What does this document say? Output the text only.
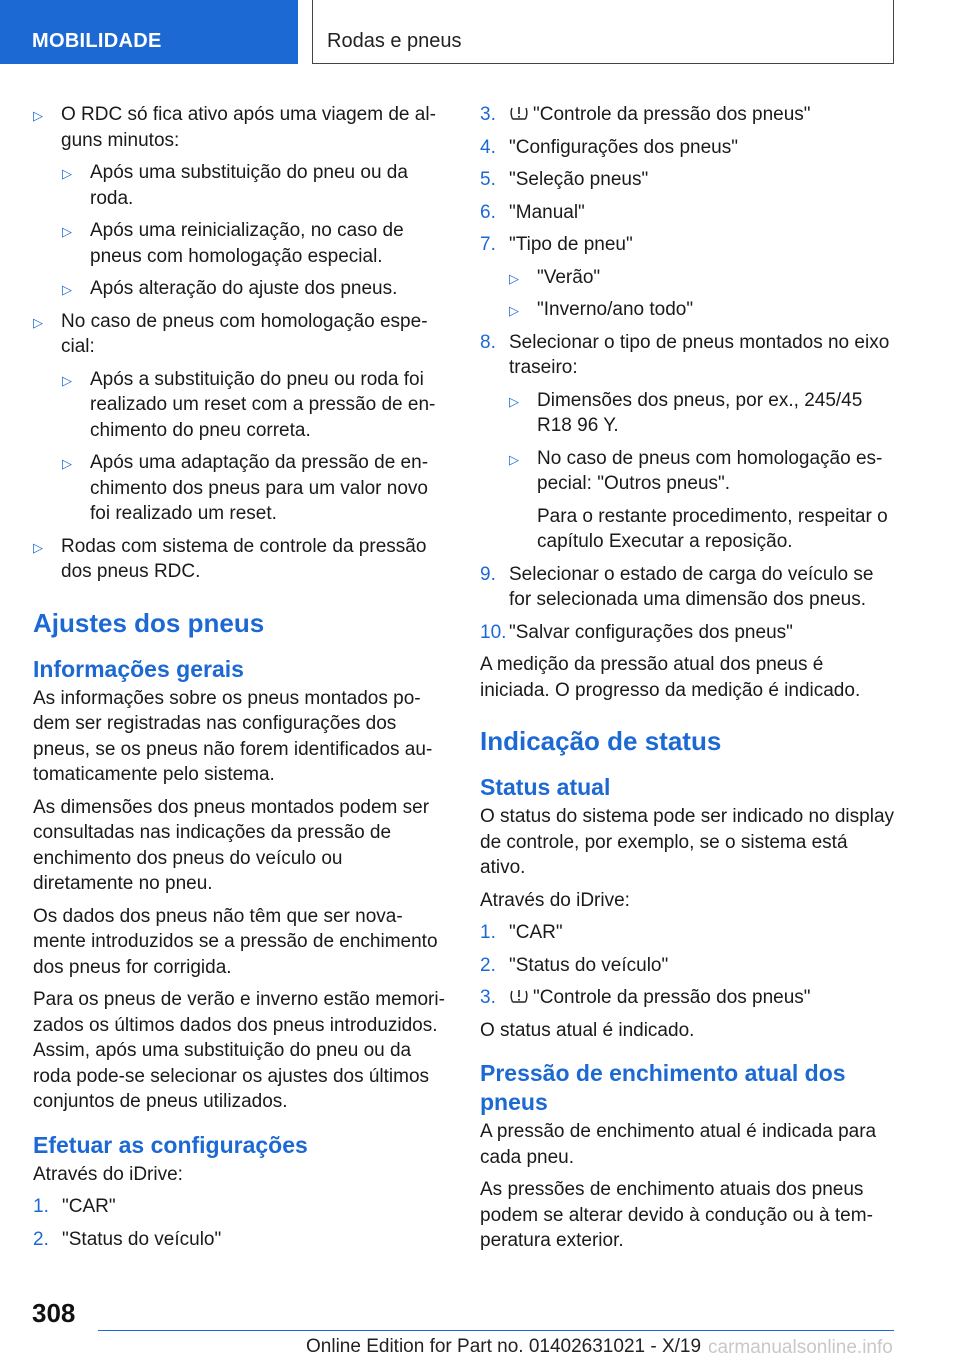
MOBILIDADE	Rodas e pneus
▷ O RDC só fica ativo após uma viagem de alguns minutos:
▷ Após uma substituição do pneu ou da roda.
▷ Após uma reinicialização, no caso de pneus com homologação especial.
▷ Após alteração do ajuste dos pneus.
▷ No caso de pneus com homologação especial:
▷ Após a substituição do pneu ou roda foi realizado um reset com a pressão de enchimento do pneu correta.
▷ Após uma adaptação da pressão de enchimento dos pneus para um valor novo foi realizado um reset.
▷ Rodas com sistema de controle da pressão dos pneus RDC.
Ajustes dos pneus
Informações gerais

As informações sobre os pneus montados podem ser registradas nas configurações dos pneus, se os pneus não forem identificados automaticamente pelo sistema.

As dimensões dos pneus montados podem ser consultadas nas indicações da pressão de enchimento dos pneus do veículo ou diretamente no pneu.

Os dados dos pneus não têm que ser novamente introduzidos se a pressão de enchimento dos pneus for corrigida.

Para os pneus de verão e inverno estão memorizados os últimos dados dos pneus introduzidos. Assim, após uma substituição do pneu ou da roda pode-se selecionar os ajustes dos últimos conjuntos de pneus utilizados.

Efetuar as configurações

Através do iDrive:

1. "CAR"
2. "Status do veículo"
3. "Controle da pressão dos pneus"
4. "Configurações dos pneus"
5. "Seleção pneus"
6. "Manual"
7. "Tipo de pneu"
▷ "Verão"
▷ "Inverno/ano todo"
8. Selecionar o tipo de pneus montados no eixo traseiro:
▷ Dimensões dos pneus, por ex., 245/45 R18 96 Y.
▷ No caso de pneus com homologação especial: "Outros pneus".

Para o restante procedimento, respeitar o capítulo Executar a reposição.

9. Selecionar o estado de carga do veículo se for selecionada uma dimensão dos pneus.
10. "Salvar configurações dos pneus"

A medição da pressão atual dos pneus é iniciada. O progresso da medição é indicado.

Indicação de status
Status atual

O status do sistema pode ser indicado no display de controle, por exemplo, se o sistema está ativo.

Através do iDrive:

1. "CAR"
2. "Status do veículo"
3. "Controle da pressão dos pneus"

O status atual é indicado.

Pressão de enchimento atual dos pneus

A pressão de enchimento atual é indicada para cada pneu.

As pressões de enchimento atuais dos pneus podem se alterar devido à condução ou à temperatura exterior.

308
Online Edition for Part no. 01402631021 - X/19 carmanualsonline.info
